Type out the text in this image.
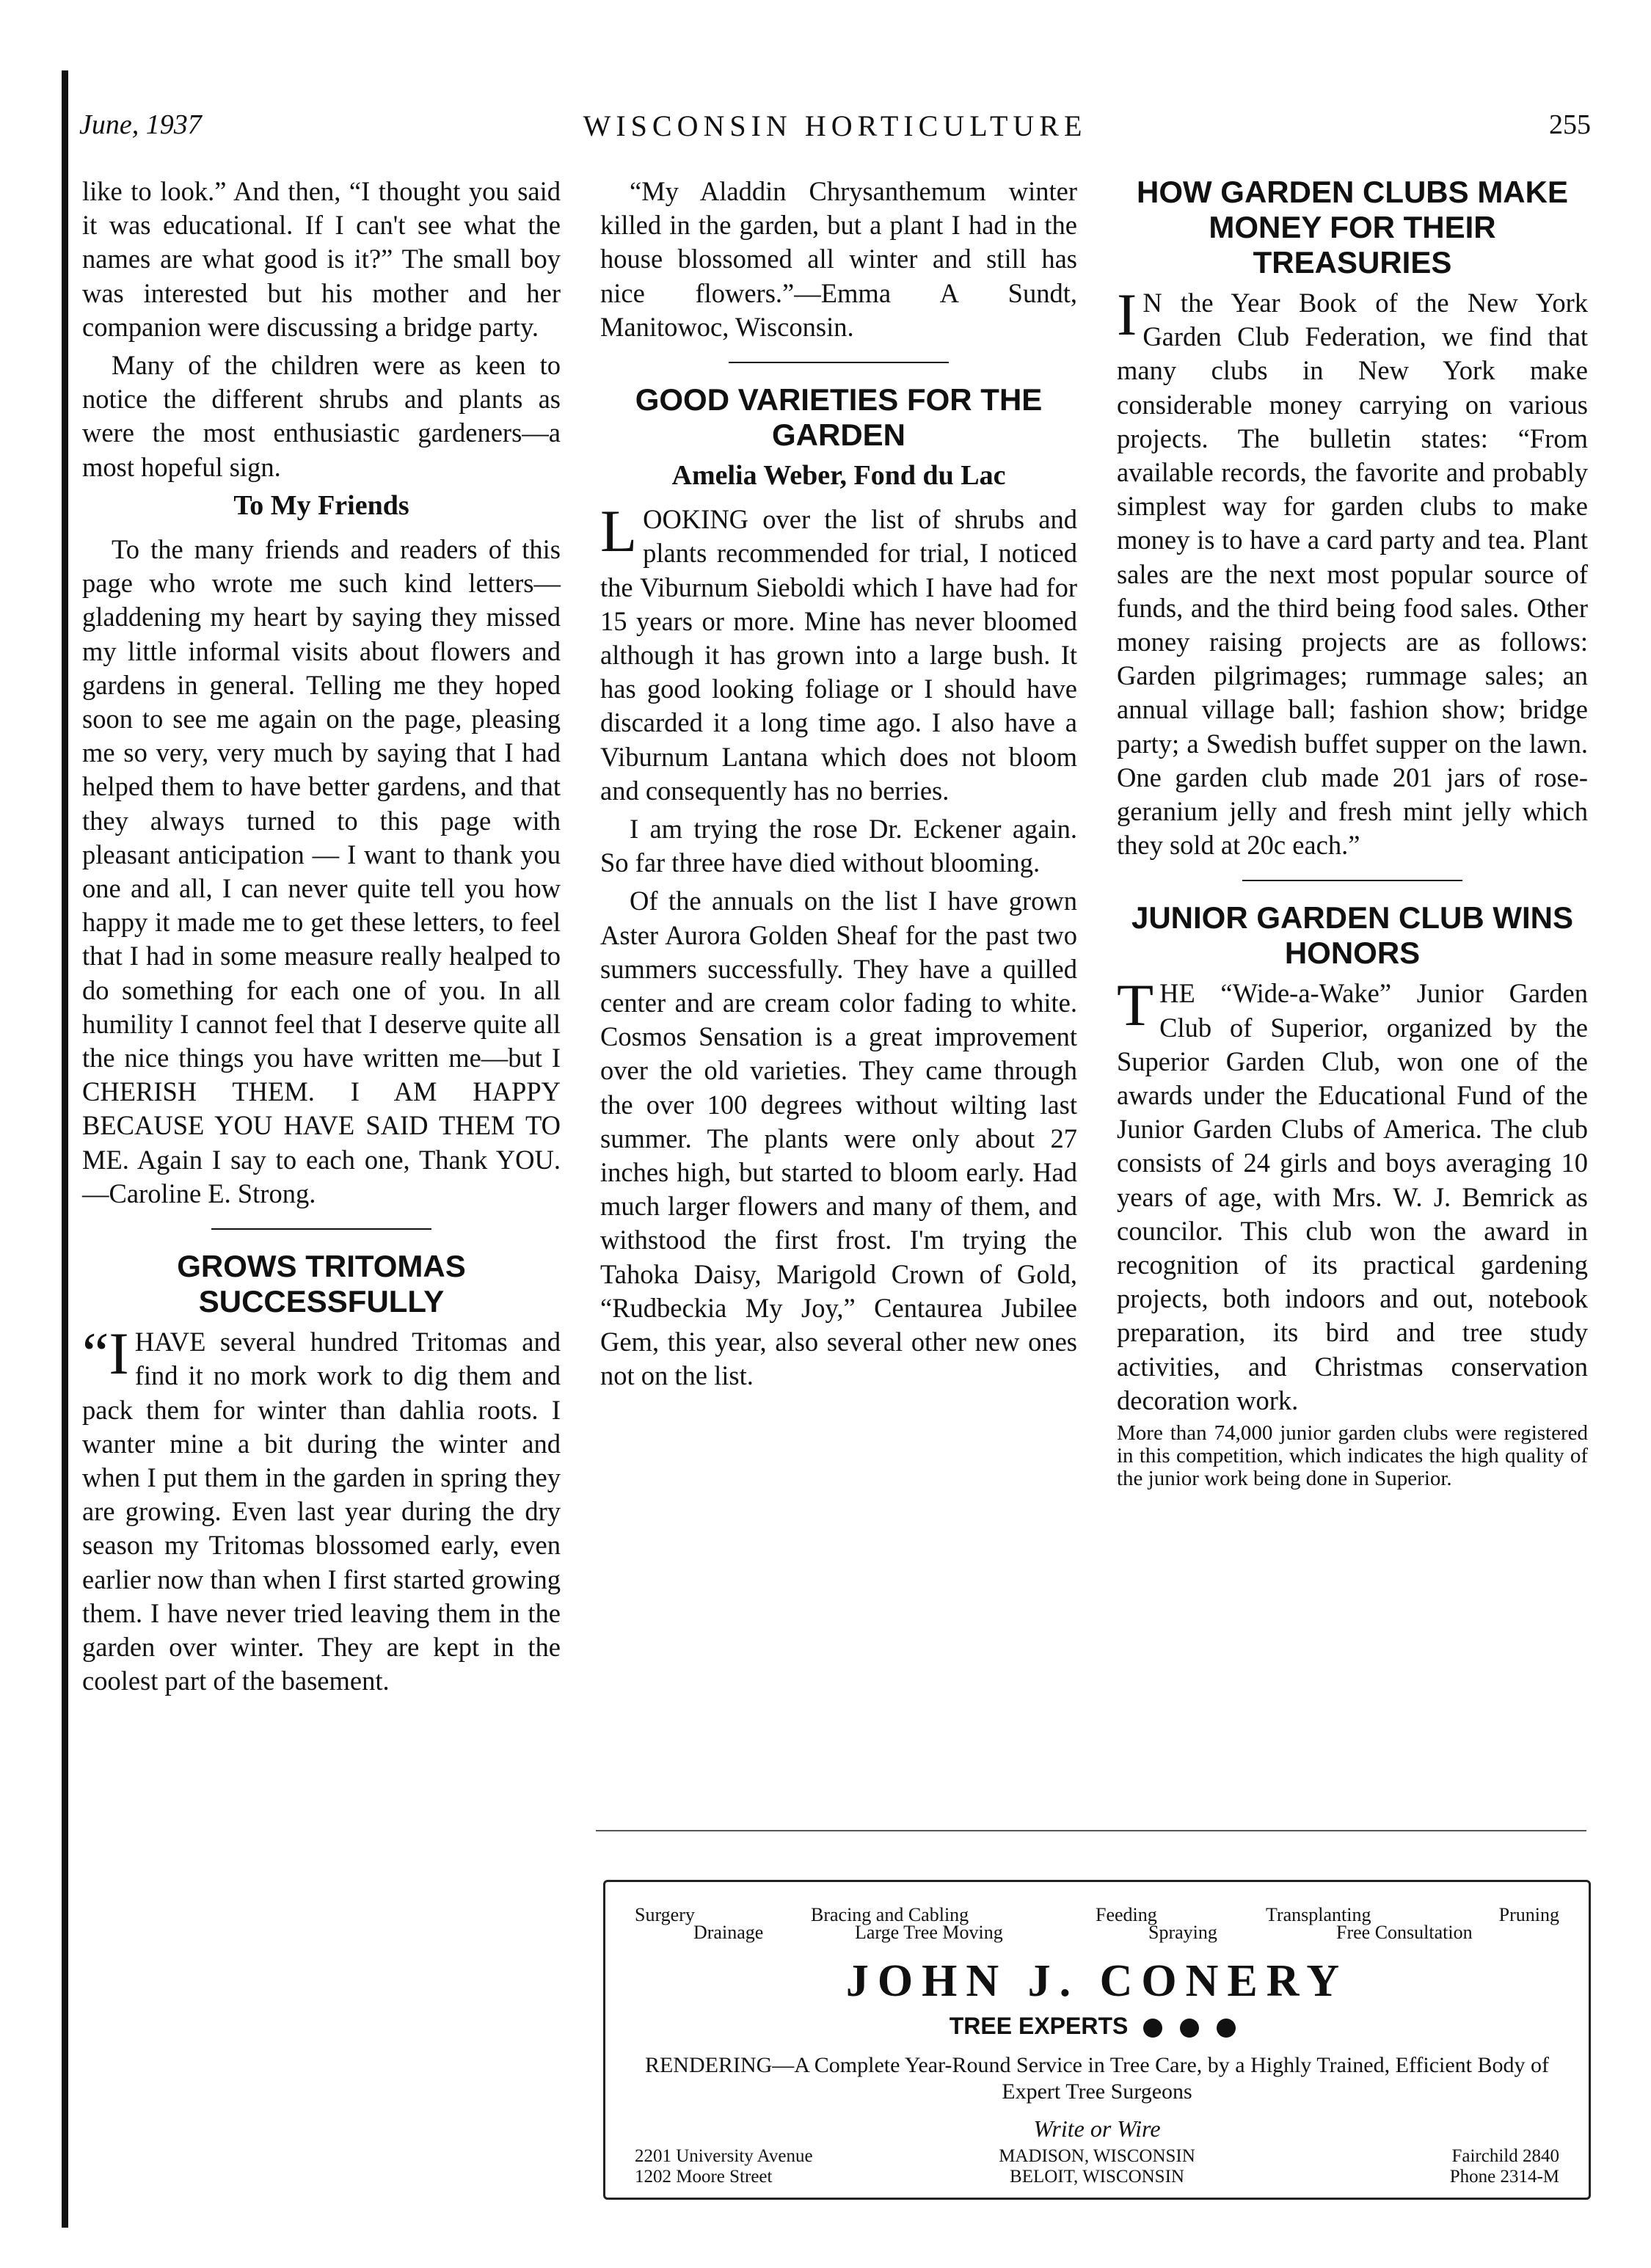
June, 1937	WISCONSIN HORTICULTURE	255

like to look.” And then, “I thought you said it was educational. If I can't see what the names are what good is it?” The small boy was interested but his mother and her companion were discussing a bridge party.

Many of the children were as keen to notice the different shrubs and plants as were the most enthusiastic gardeners—a most hopeful sign.

To My Friends

To the many friends and readers of this page who wrote me such kind letters—gladdening my heart by saying they missed my little informal visits about flowers and gardens in general. Telling me they hoped soon to see me again on the page, pleasing me so very, very much by saying that I had helped them to have better gardens, and that they always turned to this page with pleasant anticipation — I want to thank you one and all, I can never quite tell you how happy it made me to get these letters, to feel that I had in some measure really healped to do something for each one of you. In all humility I cannot feel that I deserve quite all the nice things you have written me—but I CHERISH THEM. I AM HAPPY BECAUSE YOU HAVE SAID THEM TO ME. Again I say to each one, Thank YOU.—Caroline E. Strong.

GROWS TRITOMAS SUCCESSFULLY

“IHAVE several hundred Tritomas and find it no mork work to dig them and pack them for winter than dahlia roots. I wanter mine a bit during the winter and when I put them in the garden in spring they are growing. Even last year during the dry season my Tritomas blossomed early, even earlier now than when I first started growing them. I have never tried leaving them in the garden over winter. They are kept in the coolest part of the basement.

“My Aladdin Chrysanthemum winter killed in the garden, but a plant I had in the house blossomed all winter and still has nice flowers.”—Emma A Sundt, Manitowoc, Wisconsin.

GOOD VARIETIES FOR THE GARDEN
Amelia Weber, Fond du Lac

LOOKING over the list of shrubs and plants recommended for trial, I noticed the Viburnum Sieboldi which I have had for 15 years or more. Mine has never bloomed although it has grown into a large bush. It has good looking foliage or I should have discarded it a long time ago. I also have a Viburnum Lantana which does not bloom and consequently has no berries.

I am trying the rose Dr. Eckener again. So far three have died without blooming.

Of the annuals on the list I have grown Aster Aurora Golden Sheaf for the past two summers successfully. They have a quilled center and are cream color fading to white. Cosmos Sensation is a great improvement over the old varieties. They came through the over 100 degrees without wilting last summer. The plants were only about 27 inches high, but started to bloom early. Had much larger flowers and many of them, and withstood the first frost. I'm trying the Tahoka Daisy, Marigold Crown of Gold, “Rudbeckia My Joy,” Centaurea Jubilee Gem, this year, also several other new ones not on the list.

HOW GARDEN CLUBS MAKE MONEY FOR THEIR TREASURIES

I N the Year Book of the New York Garden Club Federation, we find that many clubs in New York make considerable money carrying on various projects. The bulletin states: “From available records, the favorite and probably simplest way for garden clubs to make money is to have a card party and tea. Plant sales are the next most popular source of funds, and the third being food sales. Other money raising projects are as follows: Garden pilgrimages; rummage sales; an annual village ball; fashion show; bridge party; a Swedish buffet supper on the lawn. One garden club made 201 jars of rose-geranium jelly and fresh mint jelly which they sold at 20c each.”

JUNIOR GARDEN CLUB WINS HONORS

THE “Wide-a-Wake” Junior Garden Club of Superior, organized by the Superior Garden Club, won one of the awards under the Educational Fund of the Junior Garden Clubs of America. The club consists of 24 girls and boys averaging 10 years of age, with Mrs. W. J. Bemrick as councilor. This club won the award in recognition of its practical gardening projects, both indoors and out, notebook preparation, its bird and tree study activities, and Christmas conservation decoration work.

More than 74,000 junior garden clubs were registered in this competition, which indicates the high quality of the junior work being done in Superior.

Surgery
Drainage
Bracing and Cabling
Large Tree Moving
Feeding
Spraying
Transplanting
Free Consultation
Pruning
JOHN J. CONERY
TREE EXPERTS
RENDERING—A Complete Year-Round Service in Tree Care, by a Highly Trained, Efficient Body of Expert Tree Surgeons
Write or Wire
2201 University Avenue
1202 Moore Street
MADISON, WISCONSIN
BELOIT, WISCONSIN
Fairchild 2840
Phone 2314-M
